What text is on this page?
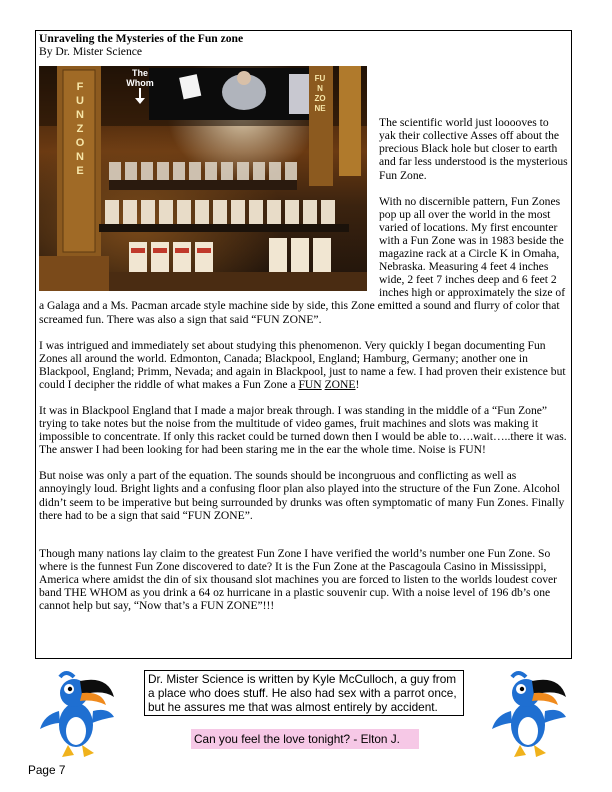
Unraveling the Mysteries of the Fun zone

By Dr. Mister Science

The
Whom
FUN ZONE
FUN ZONE

The scientific world just looooves to yak their collective Asses off about the precious Black hole but closer to earth and far less understood is the mysterious Fun Zone.

With no discernible pattern, Fun Zones pop up all over the world in the most varied of locations. My first encounter with a Fun Zone was in 1983 beside the magazine rack at a Circle K in Omaha, Nebraska. Measuring 4 feet 4 inches wide, 2 feet 7 inches deep and 6 feet 2 inches high or approximately the size of a Galaga and a Ms. Pacman arcade style machine side by side, this Zone emitted a sound and flurry of color that screamed fun. There was also a sign that said “FUN ZONE”.

I was intrigued and immediately set about studying this phenomenon. Very quickly I began documenting Fun Zones all around the world. Edmonton, Canada; Blackpool, England; Hamburg, Germany; another one in Blackpool, England; Primm, Nevada; and again in Blackpool, just to name a few. I had proven their existence but could I decipher the riddle of what makes a Fun Zone a FUN ZONE!

It was in Blackpool England that I made a major break through. I was standing in the middle of a “Fun Zone” trying to take notes but the noise from the multitude of video games, fruit machines and slots was making it impossible to concentrate. If only this racket could be turned down then I would be able to….wait…..there it was. The answer I had been looking for had been staring me in the ear the whole time. Noise is FUN!

But noise was only a part of the equation. The sounds should be incongruous and conflicting as well as annoyingly loud. Bright lights and a confusing floor plan also played into the structure of the Fun Zone. Alcohol didn’t seem to be imperative but being surrounded by drunks was often symptomatic of many Fun Zones. Finally there had to be a sign that said “FUN ZONE”.

Though many nations lay claim to the greatest Fun Zone I have verified the world’s number one Fun Zone. So where is the funnest Fun Zone discovered to date? It is the Fun Zone at the Pascagoula Casino in Mississippi, America where amidst the din of six thousand slot machines you are forced to listen to the worlds loudest cover band THE WHOM as you drink a 64 oz hurricane in a plastic souvenir cup. With a noise level of 196 db’s one cannot help but say, “Now that’s a FUN ZONE”!!!

Dr. Mister Science is written by Kyle McCulloch, a guy from a place who does stuff. He also had sex with a parrot once, but he assures me that was almost entirely by accident.
Can you feel the love tonight? - Elton J.
Page 7
